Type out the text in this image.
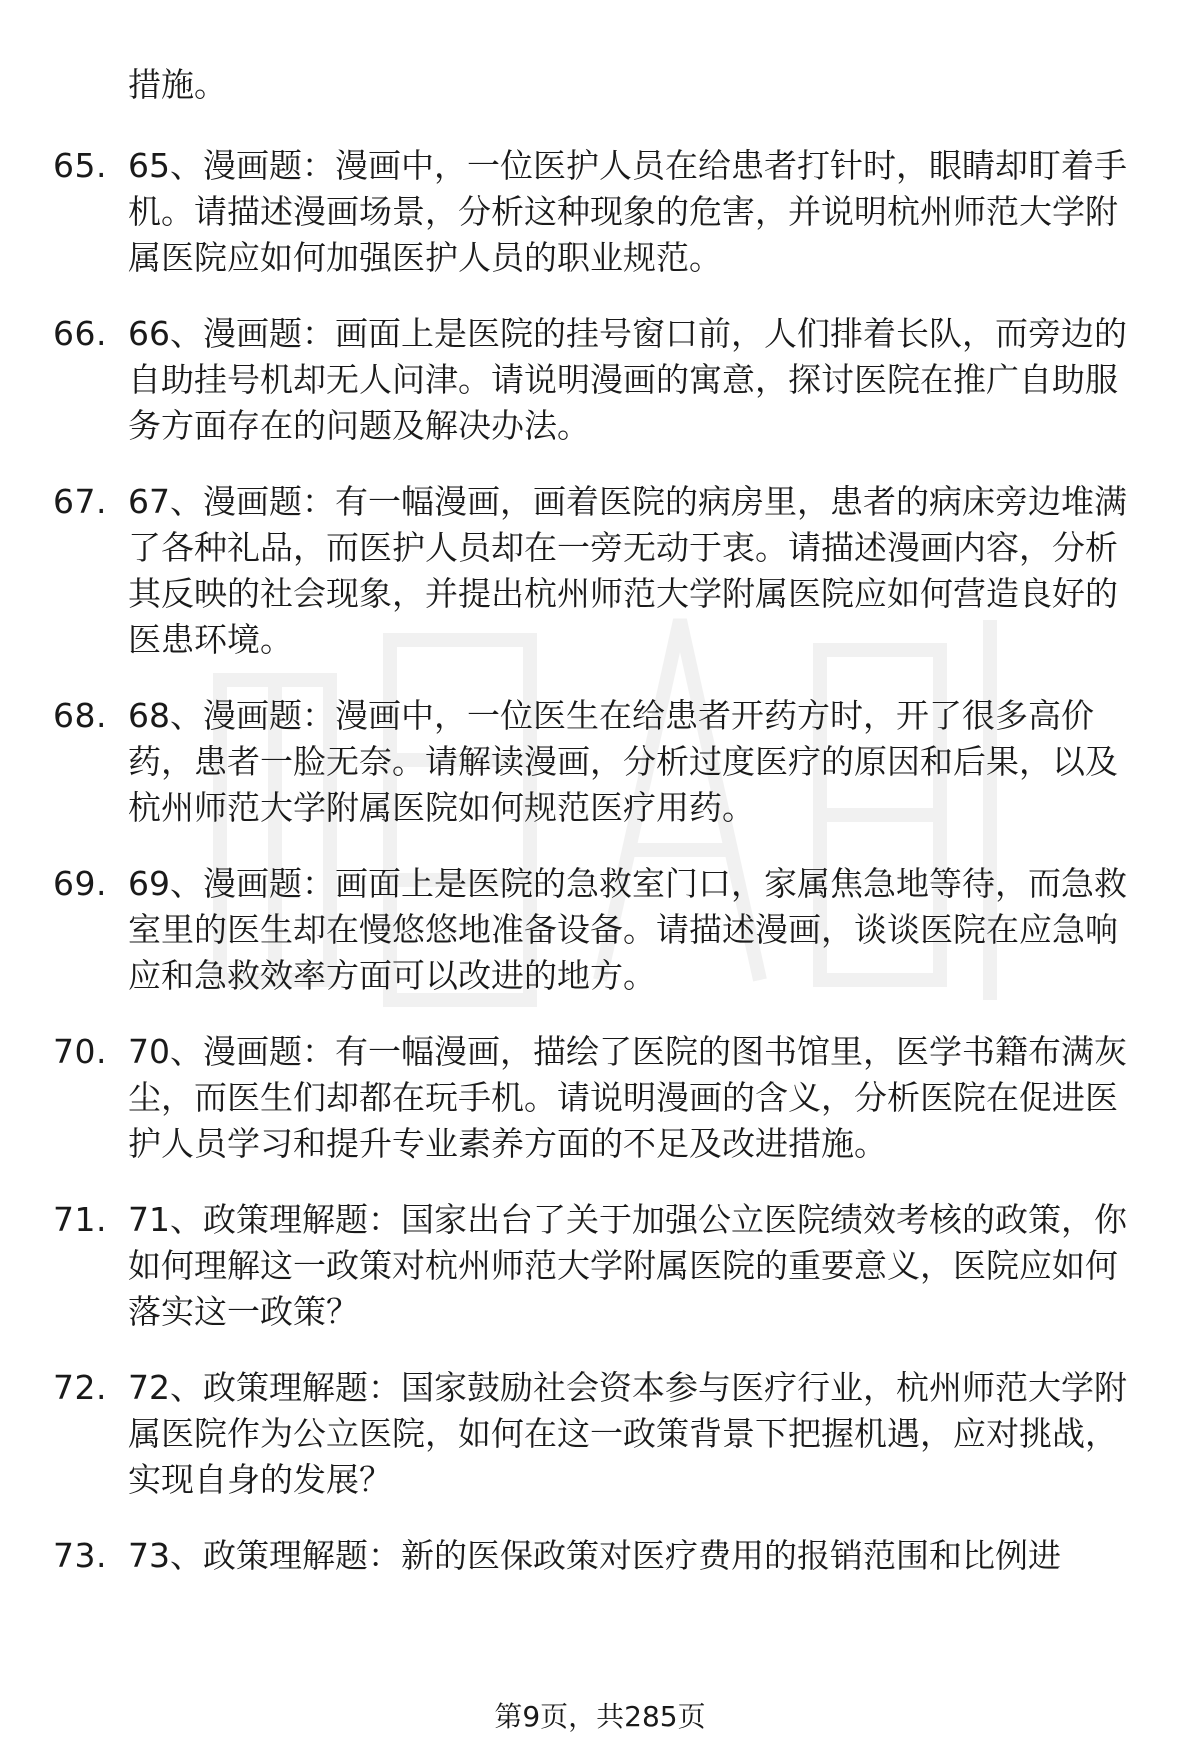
措施。

65. 65、漫画题：漫画中，一位医护人员在给患者打针时，眼睛却盯着手机。请描述漫画场景，分析这种现象的危害，并说明杭州师范大学附属医院应如何加强医护人员的职业规范。

66. 66、漫画题：画面上是医院的挂号窗口前，人们排着长队，而旁边的自助挂号机却无人问津。请说明漫画的寓意，探讨医院在推广自助服务方面存在的问题及解决办法。

67. 67、漫画题：有一幅漫画，画着医院的病房里，患者的病床旁边堆满了各种礼品，而医护人员却在一旁无动于衷。请描述漫画内容，分析其反映的社会现象，并提出杭州师范大学附属医院应如何营造良好的医患环境。

68. 68、漫画题：漫画中，一位医生在给患者开药方时，开了很多高价药，患者一脸无奈。请解读漫画，分析过度医疗的原因和后果，以及杭州师范大学附属医院如何规范医疗用药。

69. 69、漫画题：画面上是医院的急救室门口，家属焦急地等待，而急救室里的医生却在慢悠悠地准备设备。请描述漫画，谈谈医院在应急响应和急救效率方面可以改进的地方。

70. 70、漫画题：有一幅漫画，描绘了医院的图书馆里，医学书籍布满灰尘，而医生们却都在玩手机。请说明漫画的含义，分析医院在促进医护人员学习和提升专业素养方面的不足及改进措施。

71. 71、政策理解题：国家出台了关于加强公立医院绩效考核的政策，你如何理解这一政策对杭州师范大学附属医院的重要意义，医院应如何落实这一政策？

72. 72、政策理解题：国家鼓励社会资本参与医疗行业，杭州师范大学附属医院作为公立医院，如何在这一政策背景下把握机遇，应对挑战，实现自身的发展？

73. 73、政策理解题：新的医保政策对医疗费用的报销范围和比例进

第9页，共285页
